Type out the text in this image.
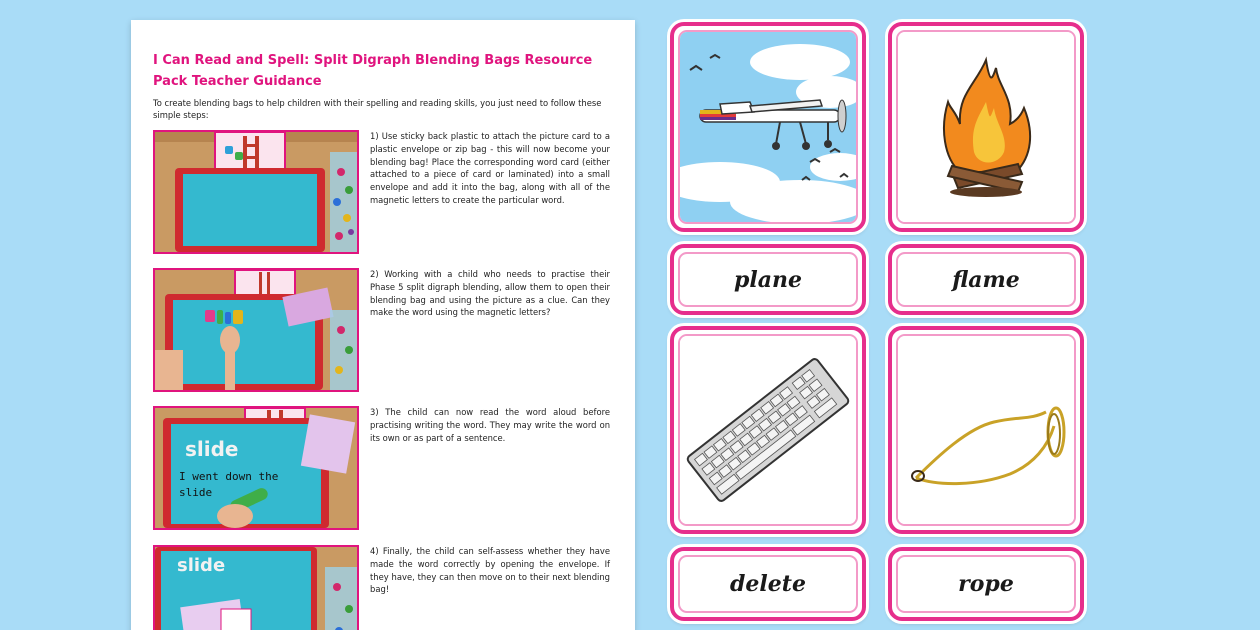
I Can Read and Spell: Split Digraph Blending Bags Resource Pack Teacher Guidance

To create blending bags to help children with their spelling and reading skills, you just need to follow these simple steps:

1) Use sticky back plastic to attach the picture card to a plastic envelope or zip bag - this will now become your blending bag! Place the corresponding word card (either attached to a piece of card or laminated) into a small envelope and add it into the bag, along with all of the magnetic letters to create the particular word.

2) Working with a child who needs to practise their Phase 5 split digraph blending, allow them to open their blending bag and using the picture as a clue. Can they make the word using the magnetic letters?

slide
I went down the
slide

3) The child can now read the word aloud before practising writing the word. They may write the word on its own or as part of a sentence.

slide

4) Finally, the child can self-assess whether they have made the word correctly by opening the envelope. If they have, they can then move on to their next blending bag!

plane	flame
delete	rope
